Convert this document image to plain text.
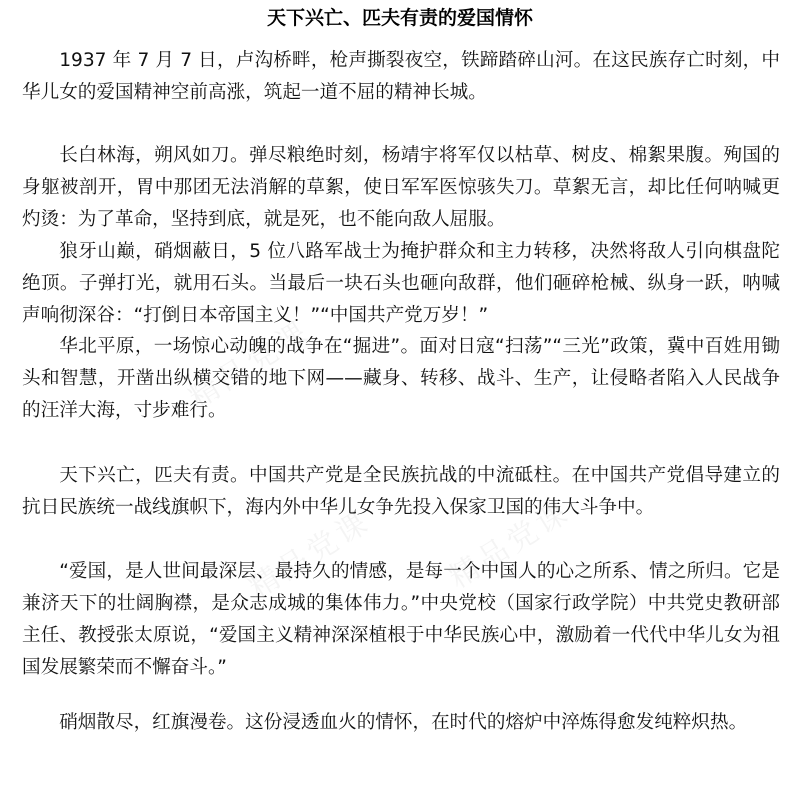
精品党课
精品党课 精品党课
天下兴亡、匹夫有责的爱国情怀

1937 年 7 月 7 日，卢沟桥畔，枪声撕裂夜空，铁蹄踏碎山河。在这民族存亡时刻，中华儿女的爱国精神空前高涨，筑起一道不屈的精神长城。

长白林海，朔风如刀。弹尽粮绝时刻，杨靖宇将军仅以枯草、树皮、棉絮果腹。殉国的身躯被剖开，胃中那团无法消解的草絮，使日军军医惊骇失刀。草絮无言，却比任何呐喊更灼烫：为了革命，坚持到底，就是死，也不能向敌人屈服。

狼牙山巅，硝烟蔽日，5 位八路军战士为掩护群众和主力转移，决然将敌人引向棋盘陀绝顶。子弹打光，就用石头。当最后一块石头也砸向敌群，他们砸碎枪械、纵身一跃，呐喊声响彻深谷：“打倒日本帝国主义！”“中国共产党万岁！”

华北平原，一场惊心动魄的战争在“掘进”。面对日寇“扫荡”“三光”政策，冀中百姓用锄头和智慧，开凿出纵横交错的地下网——藏身、转移、战斗、生产，让侵略者陷入人民战争的汪洋大海，寸步难行。

天下兴亡，匹夫有责。中国共产党是全民族抗战的中流砥柱。在中国共产党倡导建立的抗日民族统一战线旗帜下，海内外中华儿女争先投入保家卫国的伟大斗争中。

“爱国，是人世间最深层、最持久的情感，是每一个中国人的心之所系、情之所归。它是兼济天下的壮阔胸襟，是众志成城的集体伟力。”中央党校（国家行政学院）中共党史教研部主任、教授张太原说，“爱国主义精神深深植根于中华民族心中，激励着一代代中华儿女为祖国发展繁荣而不懈奋斗。”

硝烟散尽，红旗漫卷。这份浸透血火的情怀，在时代的熔炉中淬炼得愈发纯粹炽热。
